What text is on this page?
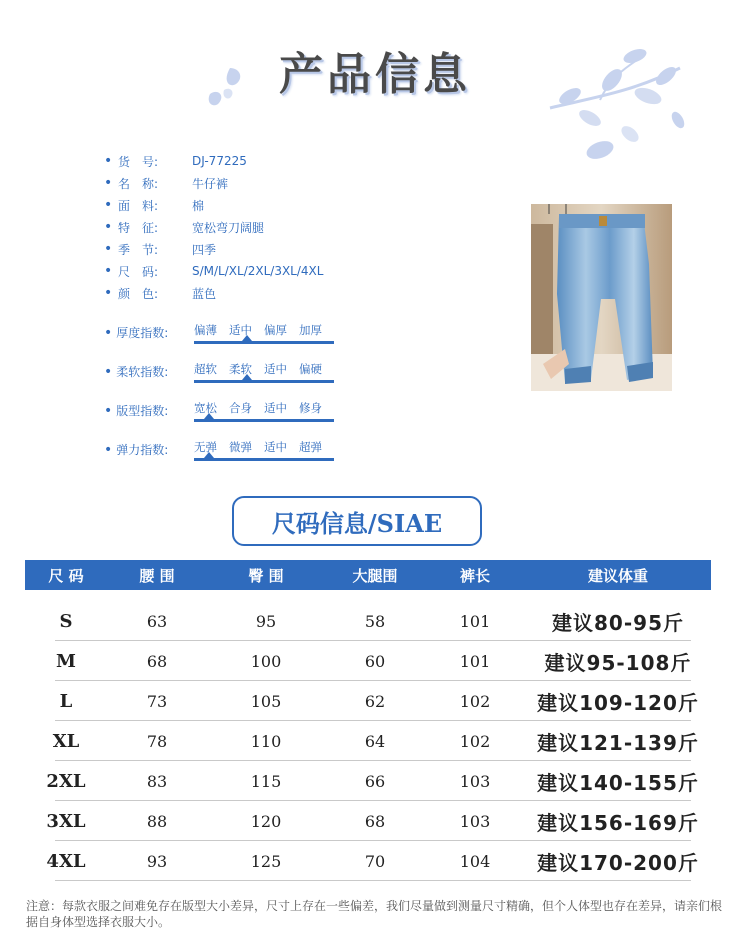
产品信息
• 货　号:	DJ-77225
• 名　称:	牛仔裤
• 面　料:	棉
• 特　征:	宽松弯刀阔腿
• 季　节:	四季
• 尺　码:	S/M/L/XL/2XL/3XL/4XL
• 颜　色:	蓝色
• 厚度指数: 偏薄	适中	偏厚	加厚
• 柔软指数: 超软	柔软	适中	偏硬
• 版型指数: 宽松	合身	适中	修身
• 弹力指数: 无弹	微弹	适中	超弹
尺码信息/SIAE
尺 码	腰 围	臀 围	大腿围	裤长	建议体重
S	63	95	58	101	建议80-95斤
M	68	100	60	101	建议95-108斤
L	73	105	62	102	建议109-120斤
XL	78	110	64	102	建议121-139斤
2XL	83	115	66	103	建议140-155斤
3XL	88	120	68	103	建议156-169斤
4XL	93	125	70	104	建议170-200斤
注意：每款衣服之间难免存在版型大小差异，尺寸上存在一些偏差，我们尽量做到测量尺寸精确，但个人体型也存在差异，请亲们根据自身体型选择衣服大小。
